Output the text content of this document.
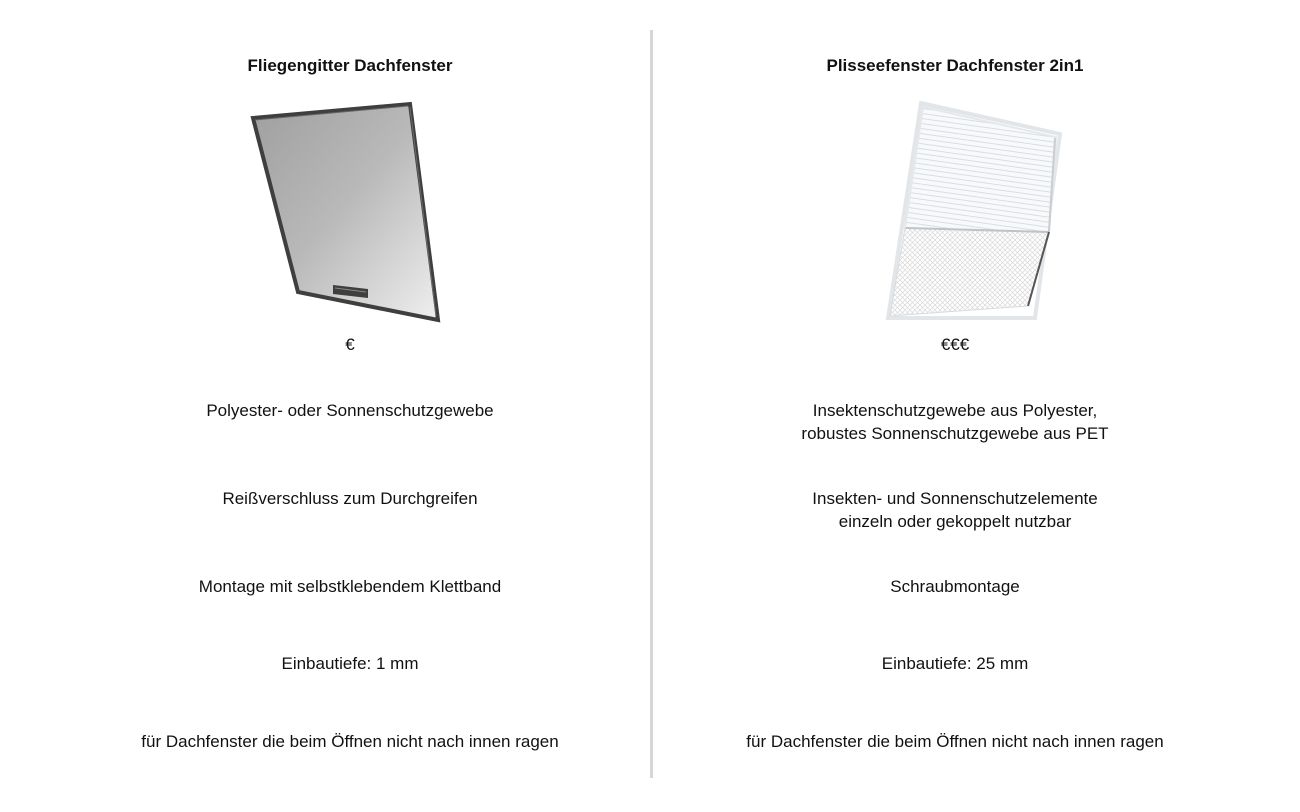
Fliegengitter Dachfenster
€
Polyester- oder Sonnenschutzgewebe
Reißverschluss zum Durchgreifen
Montage mit selbstklebendem Klettband
Einbautiefe: 1 mm
für Dachfenster die beim Öffnen nicht nach innen ragen
Plisseefenster Dachfenster 2in1
€€€
Insektenschutzgewebe aus Polyester,
robustes Sonnenschutzgewebe aus PET
Insekten- und Sonnenschutzelemente
einzeln oder gekoppelt nutzbar
Schraubmontage
Einbautiefe: 25 mm
für Dachfenster die beim Öffnen nicht nach innen ragen
